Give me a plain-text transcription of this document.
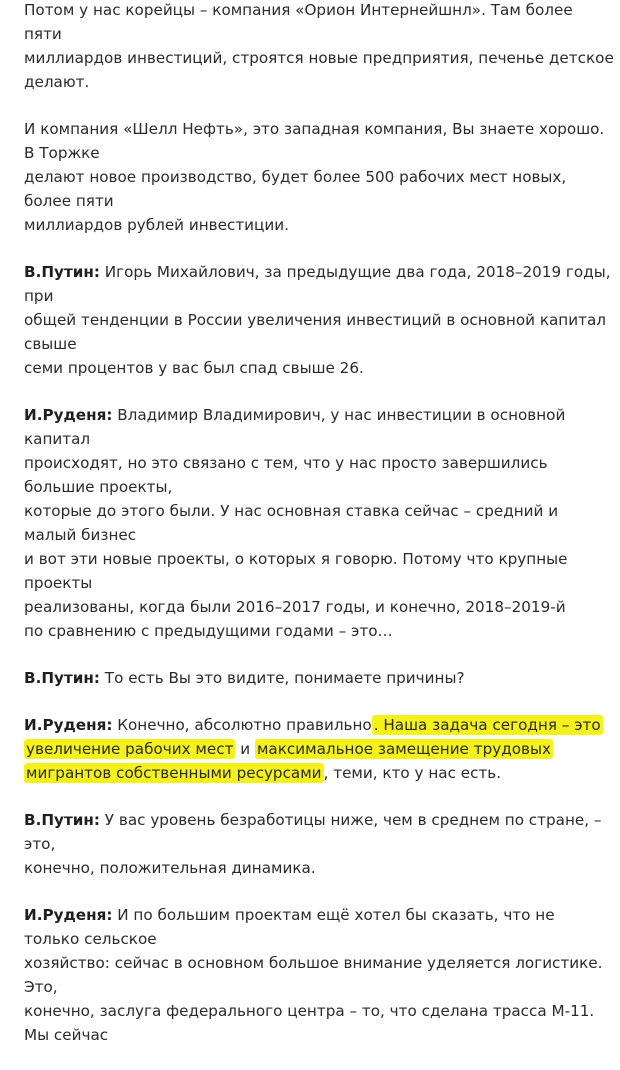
Потом у нас корейцы – компания «Орион Интернейшнл». Там более пяти
миллиардов инвестиций, строятся новые предприятия, печенье детское делают.

И компания «Шелл Нефть», это западная компания, Вы знаете хорошо. В Торжке
делают новое производство, будет более 500 рабочих мест новых, более пяти
миллиардов рублей инвестиции.

В.Путин: Игорь Михайлович, за предыдущие два года, 2018–2019 годы, при
общей тенденции в России увеличения инвестиций в основной капитал свыше
семи процентов у вас был спад свыше 26.

И.Руденя: Владимир Владимирович, у нас инвестиции в основной капитал
происходят, но это связано с тем, что у нас просто завершились большие проекты,
которые до этого были. У нас основная ставка сейчас – средний и малый бизнес
и вот эти новые проекты, о которых я говорю. Потому что крупные проекты
реализованы, когда были 2016–2017 годы, и конечно, 2018–2019-й
по сравнению с предыдущими годами – это…

В.Путин: То есть Вы это видите, понимаете причины?

И.Руденя: Конечно, абсолютно правильно . Наша задача сегодня – это увеличение рабочих мест и максимальное замещение трудовых мигрантов собственными ресурсами , теми, кто у нас есть.

В.Путин: У вас уровень безработицы ниже, чем в среднем по стране, – это,
конечно, положительная динамика.

И.Руденя: И по большим проектам ещё хотел бы сказать, что не только сельское
хозяйство: сейчас в основном большое внимание уделяется логистике. Это,
конечно, заслуга федерального центра – то, что сделана трасса М-11. Мы сейчас
